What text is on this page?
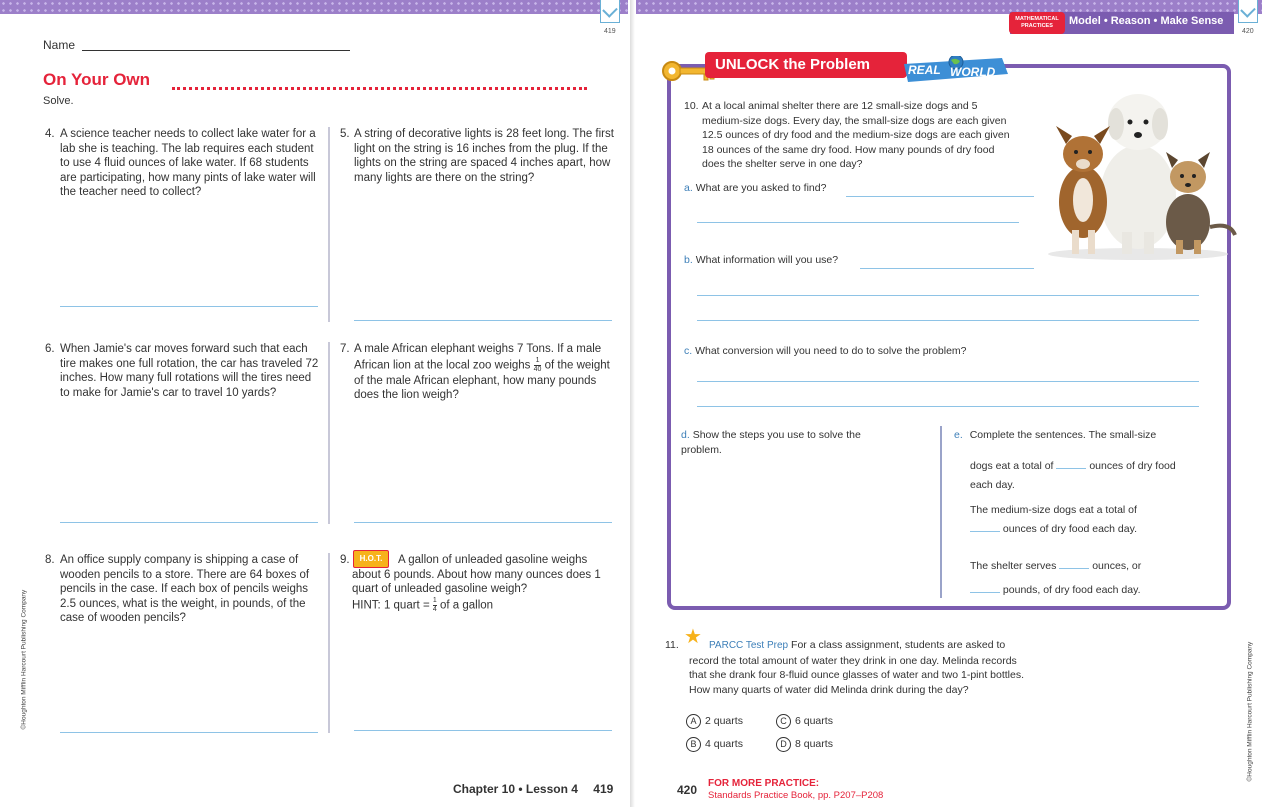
419
Name
On Your Own
Solve.
4. A science teacher needs to collect lake water for a lab she is teaching. The lab requires each student to use 4 fluid ounces of lake water. If 68 students are participating, how many pints of lake water will the teacher need to collect?
5. A string of decorative lights is 28 feet long. The first light on the string is 16 inches from the plug. If the lights on the string are spaced 4 inches apart, how many lights are there on the string?
6. When Jamie's car moves forward such that each tire makes one full rotation, the car has traveled 72 inches. How many full rotations will the tires need to make for Jamie's car to travel 10 yards?
7. A male African elephant weighs 7 Tons. If a male African lion at the local zoo weighs $\frac{1}{40}$ of the weight of the male African elephant, how many pounds does the lion weigh?
8. An office supply company is shipping a case of wooden pencils to a store. There are 64 boxes of pencils in the case. If each box of pencils weighs 2.5 ounces, what is the weight, in pounds, of the case of wooden pencils?
9.	H.O.T.	A gallon of unleaded gasoline weighs about 6 pounds. About how many ounces does 1 quart of unleaded gasoline weigh?
HINT: 1 quart = $\frac{1}{4}$ of a gallon
©Houghton Mifflin Harcourt Publishing Company
Chapter 10 • Lesson 4 419
MATHEMATICAL PRACTICES	Model • Reason • Make Sense
420
UNLOCK the Problem	REAL WORLD
10. At a local animal shelter there are 12 small-size dogs and 5 medium-size dogs. Every day, the small-size dogs are each given 12.5 ounces of dry food and the medium-size dogs are each given 18 ounces of the same dry food. How many pounds of dry food does the shelter serve in one day?
a. What are you asked to find?
b. What information will you use?
c. What conversion will you need to do to solve the problem?
d. Show the steps you use to solve the problem.
e. Complete the sentences. The small-size
dogs eat a total of	ounces of dry food each day.
The medium-size dogs eat a total of
ounces of dry food each day.
The shelter serves	ounces, or
pounds, of dry food each day.
11. ★ PARCC Test Prep For a class assignment, students are asked to record the total amount of water they drink in one day. Melinda records that she drank four 8-fluid ounce glasses of water and two 1-pint bottles. How many quarts of water did Melinda drink during the day?
A 2 quarts	C 6 quarts
B 4 quarts	D 8 quarts	©Houghton Mifflin Harcourt Publishing Company
420 FOR MORE PRACTICE:
Standards Practice Book, pp. P207–P208
